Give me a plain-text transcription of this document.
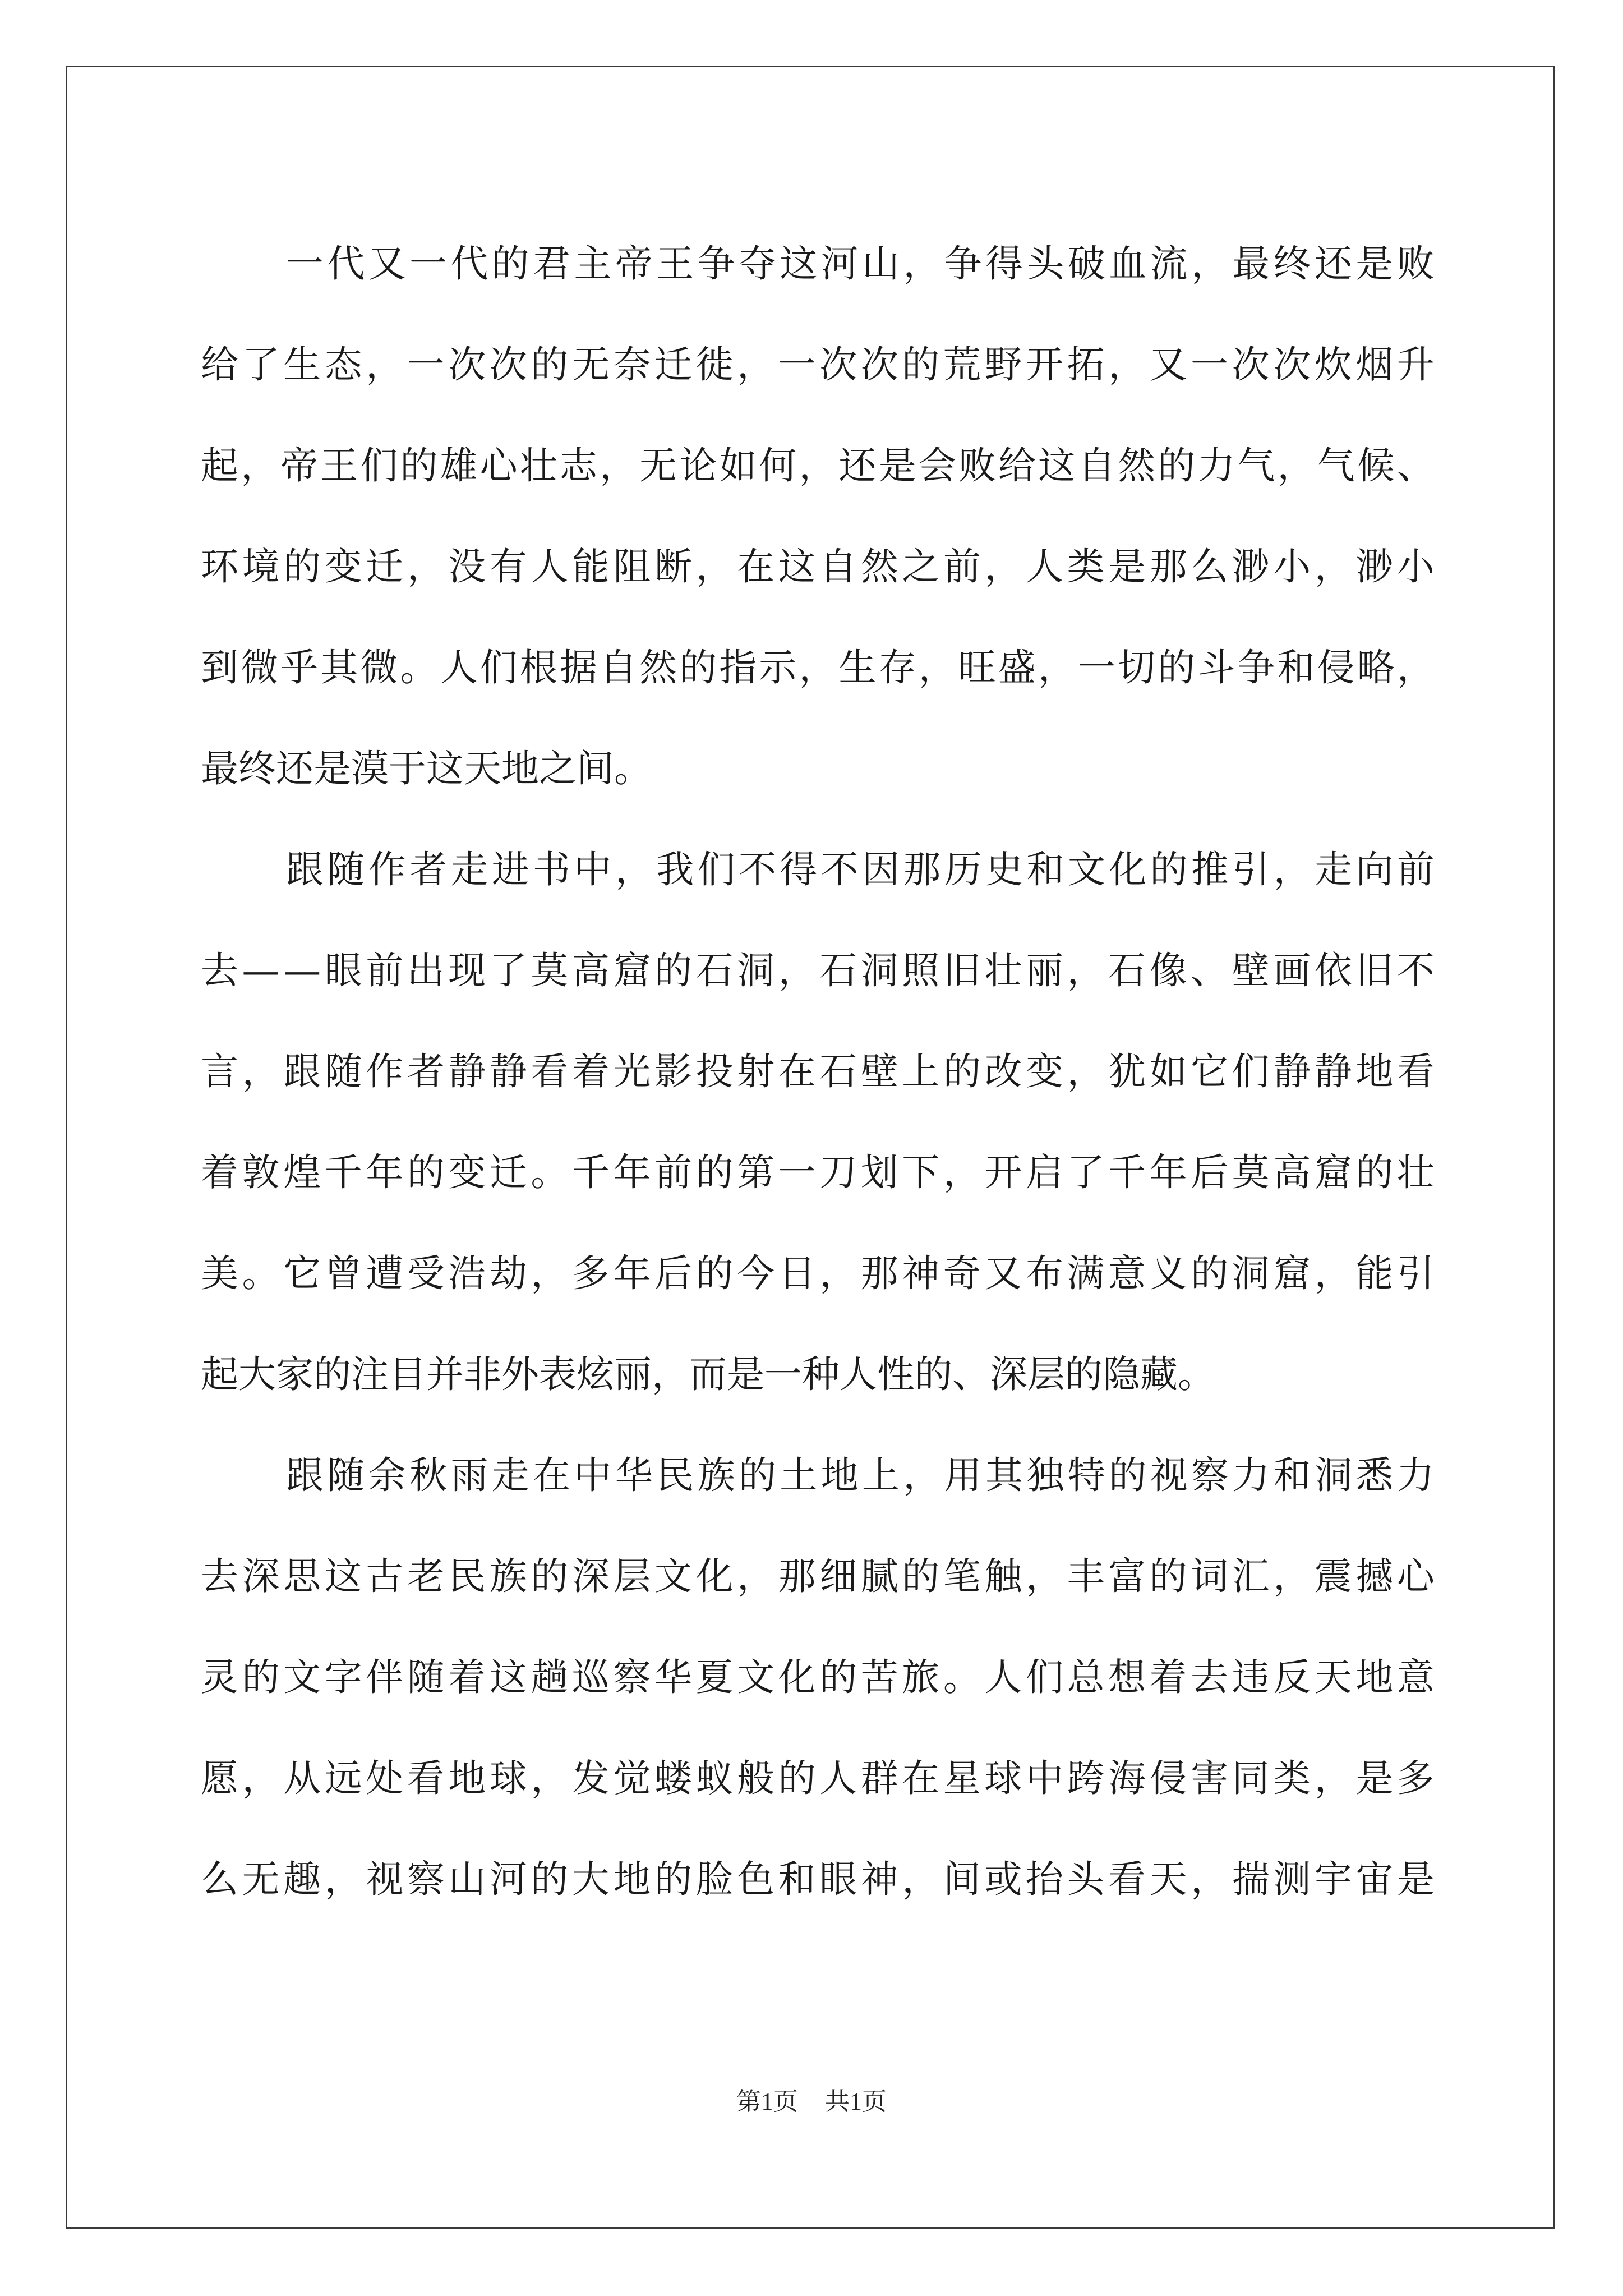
一 代 又 一 代 的 君 主 帝 王 争 夺 这 河 山 ， 争 得 头 破 血 流 ， 最 终 还 是 败
给 了 生 态 ， 一 次 次 的 无 奈 迁 徙 ， 一 次 次 的 荒 野 开 拓 ， 又 一 次 次 炊 烟 升
起 ， 帝 王 们 的 雄 心 壮 志 ， 无 论 如 何 ， 还 是 会 败 给 这 自 然 的 力 气 ， 气 候 、
环 境 的 变 迁 ， 没 有 人 能 阻 断 ， 在 这 自 然 之 前 ， 人 类 是 那 么 渺 小 ， 渺 小
到 微 乎 其 微 。 人 们 根 据 自 然 的 指 示 ， 生 存 ， 旺 盛 ， 一 切 的 斗 争 和 侵 略 ，
最终还是漠于这天地之间。
跟 随 作 者 走 进 书 中 ， 我 们 不 得 不 因 那 历 史 和 文 化 的 推 引 ， 走 向 前
去 — — 眼 前 出 现 了 莫 高 窟 的 石 洞 ， 石 洞 照 旧 壮 丽 ， 石 像 、 壁 画 依 旧 不
言 ， 跟 随 作 者 静 静 看 着 光 影 投 射 在 石 壁 上 的 改 变 ， 犹 如 它 们 静 静 地 看
着 敦 煌 千 年 的 变 迁 。 千 年 前 的 第 一 刀 划 下 ， 开 启 了 千 年 后 莫 高 窟 的 壮
美 。 它 曾 遭 受 浩 劫 ， 多 年 后 的 今 日 ， 那 神 奇 又 布 满 意 义 的 洞 窟 ， 能 引
起大家的注目并非外表炫丽，而是一种人性的、深层的隐藏。
跟 随 余 秋 雨 走 在 中 华 民 族 的 土 地 上 ， 用 其 独 特 的 视 察 力 和 洞 悉 力
去 深 思 这 古 老 民 族 的 深 层 文 化 ， 那 细 腻 的 笔 触 ， 丰 富 的 词 汇 ， 震 撼 心
灵 的 文 字 伴 随 着 这 趟 巡 察 华 夏 文 化 的 苦 旅 。 人 们 总 想 着 去 违 反 天 地 意
愿 ， 从 远 处 看 地 球 ， 发 觉 蝼 蚁 般 的 人 群 在 星 球 中 跨 海 侵 害 同 类 ， 是 多
么 无 趣 ， 视 察 山 河 的 大 地 的 脸 色 和 眼 神 ， 间 或 抬 头 看 天 ， 揣 测 宇 宙 是
第1页 共1页
